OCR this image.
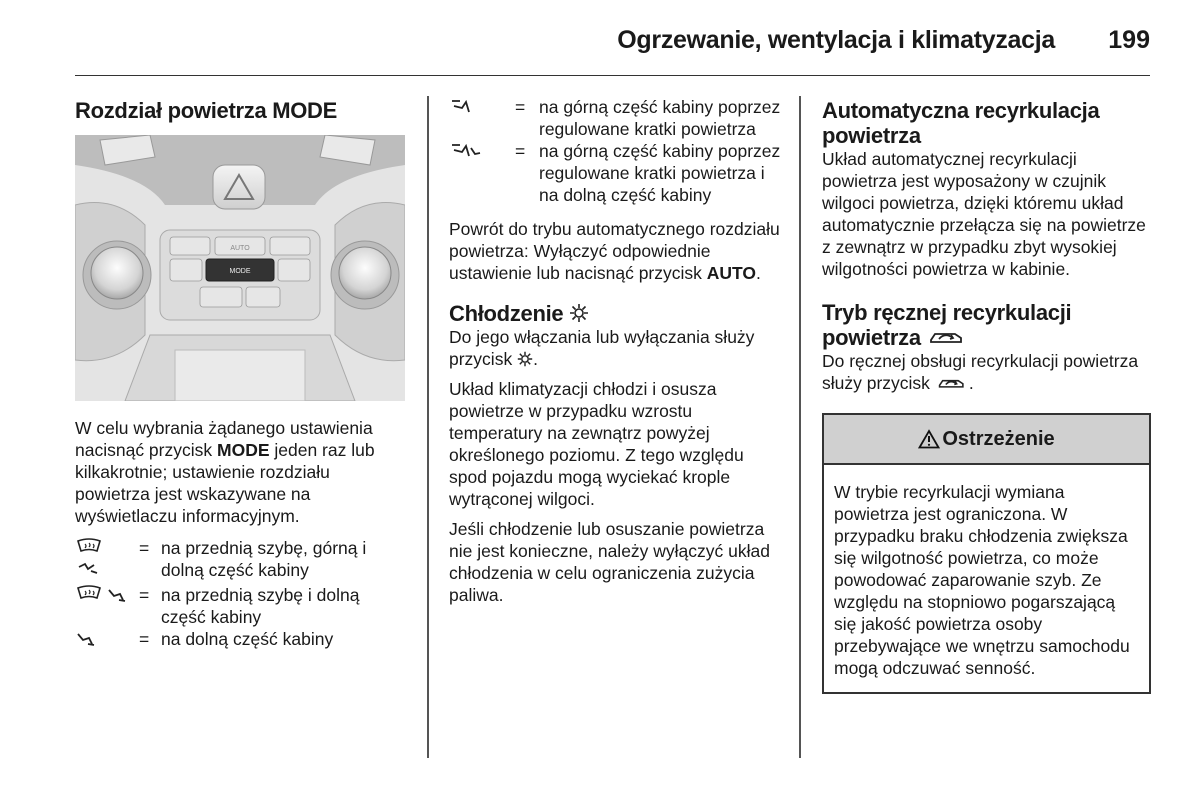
Ogrzewanie, wentylacja i klimatyzacja 199
Rozdział powietrza MODE
AUTO
MODE

W celu wybrania żądanego ustawienia nacisnąć przycisk MODE jeden raz lub kilkakrotnie; ustawienie rozdziału powietrza jest wskazywane na wyświetlaczu informacyjnym.

= na przednią szybę, górną i dolną część kabiny
= na przednią szybę i dolną część kabiny
= na dolną część kabiny
= na górną część kabiny poprzez regulowane kratki powietrza
= na górną część kabiny poprzez regulowane kratki powietrza i na dolną część kabiny

Powrót do trybu automatycznego rozdziału powietrza: Wyłączyć odpowiednie ustawienie lub nacisnąć przycisk AUTO.

Chłodzenie

Do jego włączania lub wyłączania służy przycisk .

Układ klimatyzacji chłodzi i osusza powietrze w przypadku wzrostu temperatury na zewnątrz powyżej określonego poziomu. Z tego względu spod pojazdu mogą wyciekać krople wytrąconej wilgoci.

Jeśli chłodzenie lub osuszanie powietrza nie jest konieczne, należy wyłączyć układ chłodzenia w celu ograniczenia zużycia paliwa.

Automatyczna recyrkulacja powietrza

Układ automatycznej recyrkulacji powietrza jest wyposażony w czujnik wilgoci powietrza, dzięki któremu układ automatycznie przełącza się na powietrze z zewnątrz w przypadku zbyt wysokiej wilgotności powietrza w kabinie.

Tryb ręcznej recyrkulacji
powietrza

Do ręcznej obsługi recyrkulacji powietrza służy przycisk .

Ostrzeżenie
W trybie recyrkulacji wymiana powietrza jest ograniczona. W przypadku braku chłodzenia zwiększa się wilgotność powietrza, co może powodować zaparowanie szyb. Ze względu na stopniowo pogarszającą się jakość powietrza osoby przebywające we wnętrzu samochodu mogą odczuwać senność.
